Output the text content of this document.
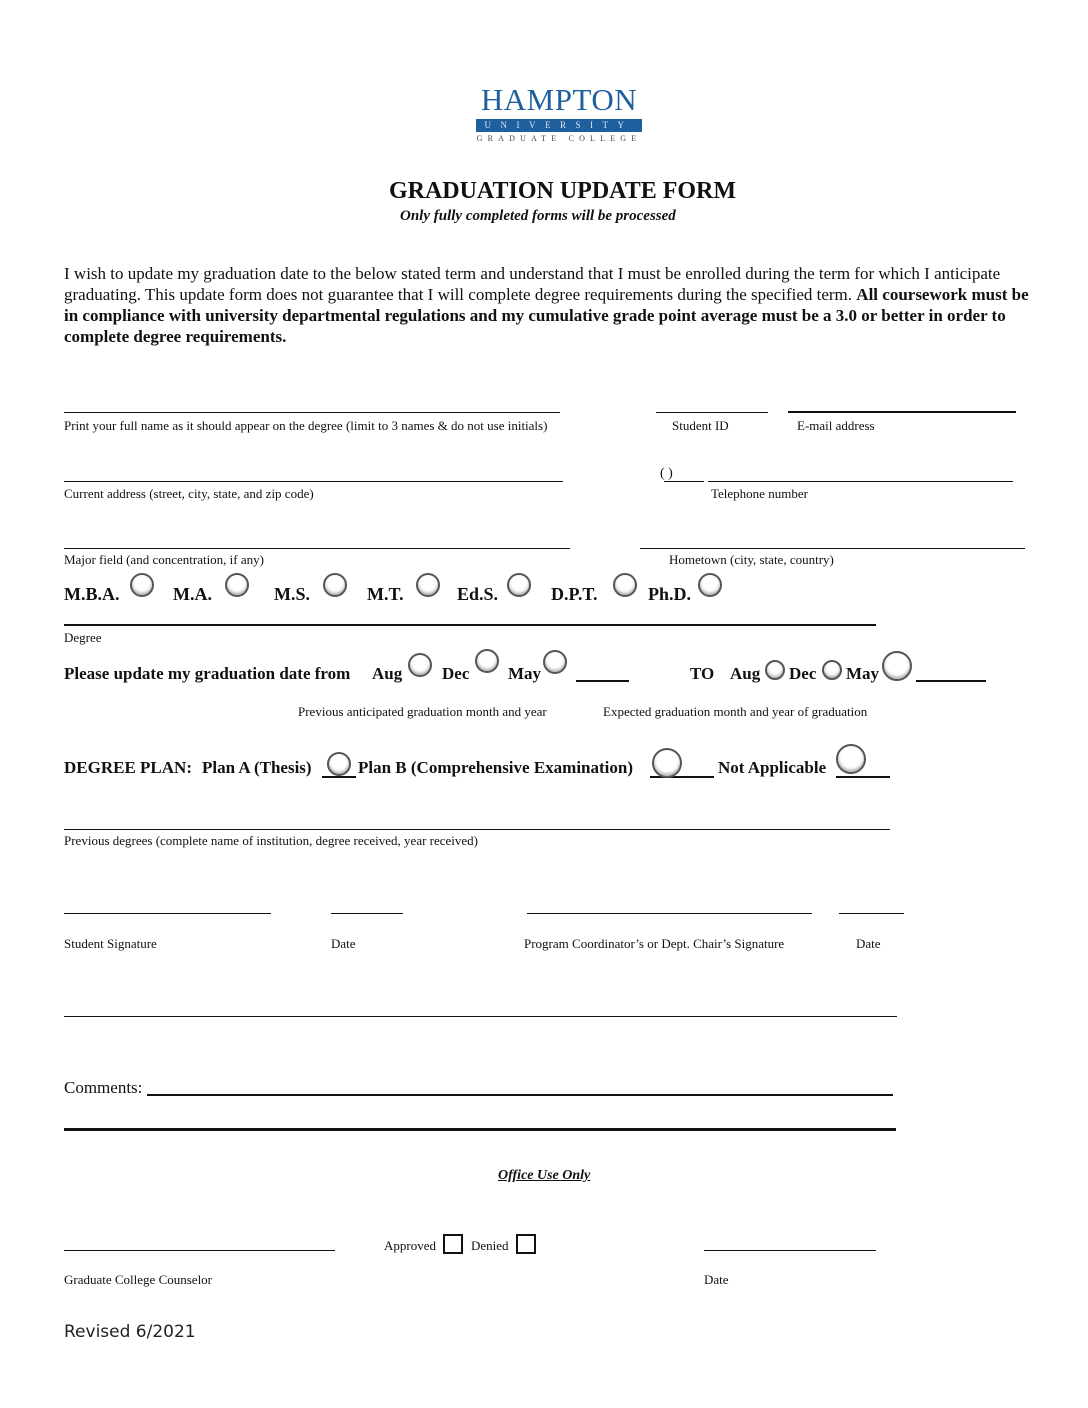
HAMPTON
UNIVERSITY
GRADUATE COLLEGE
GRADUATION UPDATE FORM
Only fully completed forms will be processed
I wish to update my graduation date to the below stated term and understand that I must be enrolled during the term for which I anticipate graduating. This update form does not guarantee that I will complete degree requirements during the specified term. All coursework must be in compliance with university departmental regulations and my cumulative grade point average must be a 3.0 or better in order to complete degree requirements.
Print your full name as it should appear on the degree (limit to 3 names & do not use initials)	Student ID	E-mail address
Current address (street, city, state, and zip code)
( )
Telephone number
Major field (and concentration, if any)	Hometown (city, state, country)
M.B.A.	M.A.	M.S.	M.T.	Ed.S.	D.P.T.	Ph.D.
Degree
Please update my graduation date from Aug Dec May	TO Aug Dec May
Previous anticipated graduation month and year	Expected graduation month and year of graduation
DEGREE PLAN: Plan A (Thesis)	Plan B (Comprehensive Examination)	Not Applicable
Previous degrees (complete name of institution, degree received, year received)
Student Signature	Date	Program Coordinator’s or Dept. Chair’s Signature	Date
Comments:
Office Use Only
Approved	Denied
Graduate College Counselor	Date
Revised 6/2021
